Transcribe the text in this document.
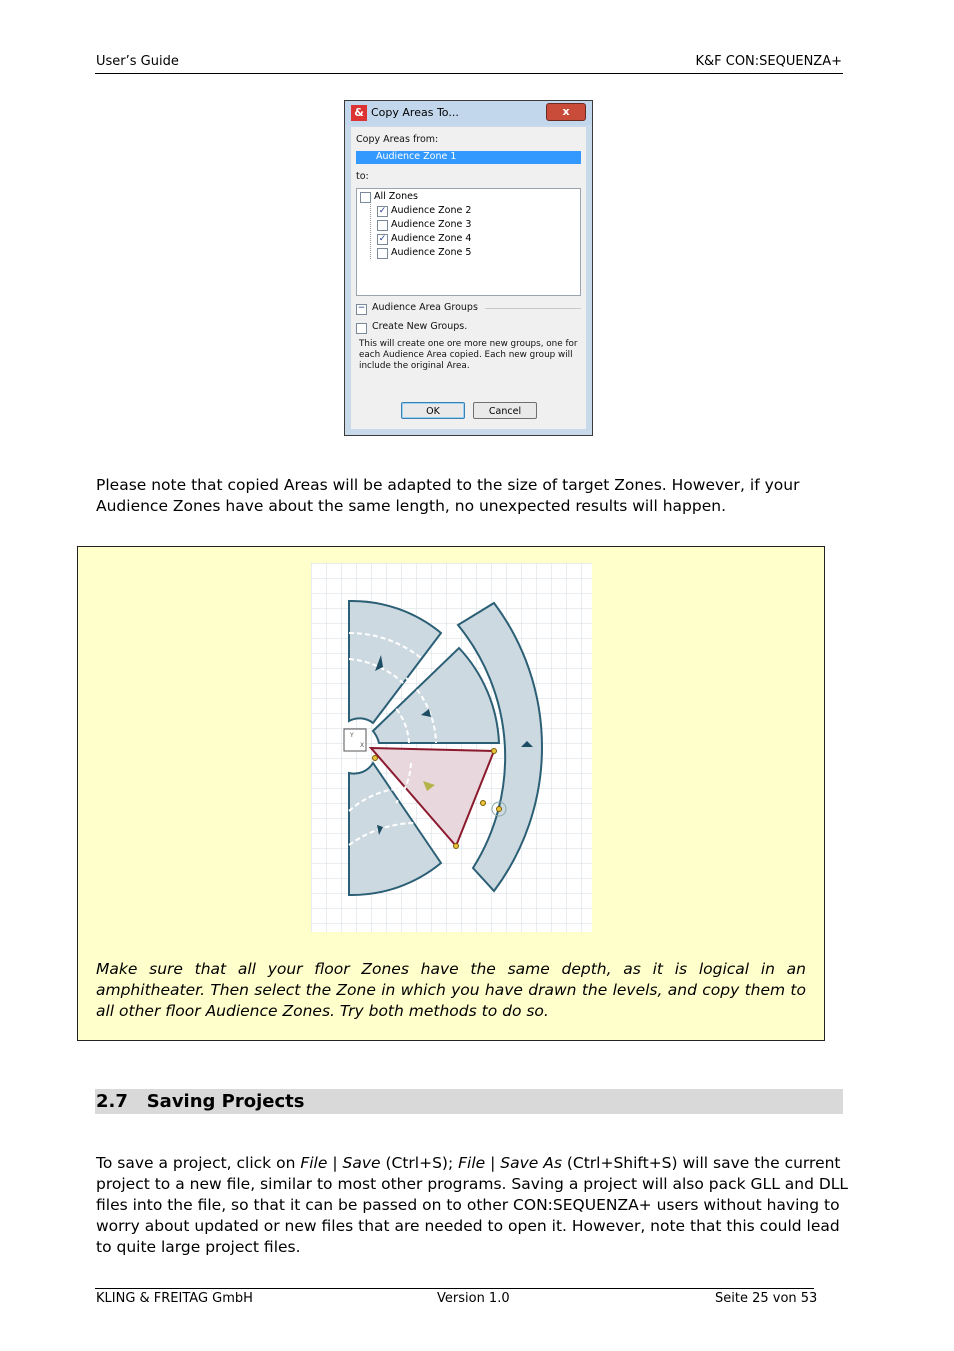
User’s Guide	K&F CON:SEQUENZA+
& Copy Areas To...	x
Copy Areas from:
Audience Zone 1
to:
All Zones
✓ Audience Zone 2
Audience Zone 3
✓ Audience Zone 4
Audience Zone 5
− Audience Area Groups
Create New Groups.
This will create one ore more new groups, one for
each Audience Area copied. Each new group will
include the original Area.
OK	Cancel
Please note that copied Areas will be adapted to the size of target Zones. However, if your
Audience Zones have about the same length, no unexpected results will happen.
Y
X
Make sure that all your floor Zones have the same depth, as it is logical in an amphitheater. Then select the Zone in which you have drawn the levels, and copy them to all other floor Audience Zones. Try both methods to do so.
2.7 Saving Projects
To save a project, click on File | Save (Ctrl+S); File | Save As (Ctrl+Shift+S) will save the current
project to a new file, similar to most other programs. Saving a project will also pack GLL and DLL
files into the file, so that it can be passed on to other CON:SEQUENZA+ users without having to
worry about updated or new files that are needed to open it. However, note that this could lead
to quite large project files.
KLING & FREITAG GmbH	Version 1.0	Seite 25 von 53
